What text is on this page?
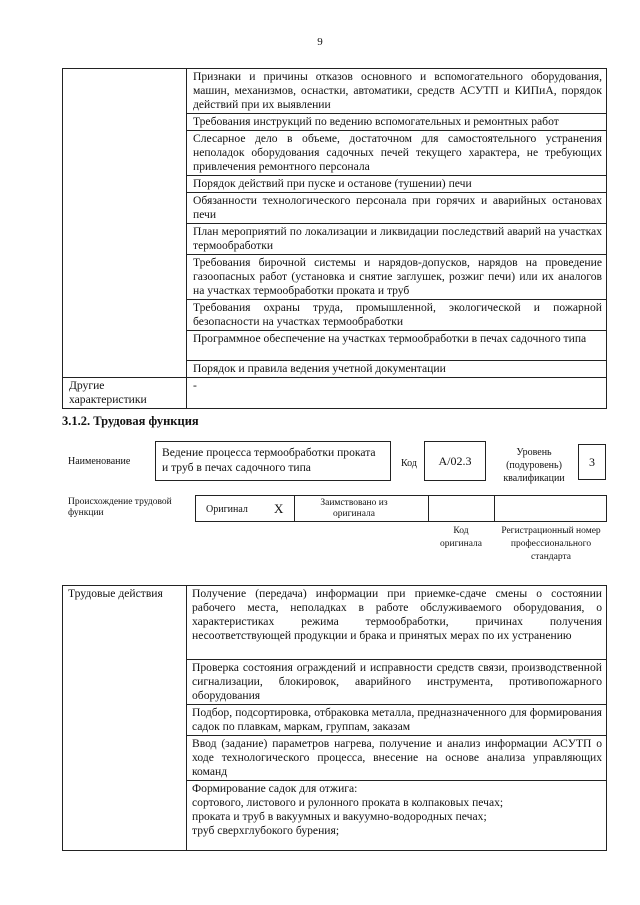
9
	Признаки и причины отказов основного и вспомогательного оборудования, машин, механизмов, оснастки, автоматики, средств АСУТП и КИПиА, порядок действий при их выявлении
	Требования инструкций по ведению вспомогательных и ремонтных работ
	Слесарное дело в объеме, достаточном для самостоятельного устранения неполадок оборудования садочных печей текущего характера, не требующих привлечения ремонтного персонала
	Порядок действий при пуске и останове (тушении) печи
	Обязанности технологического персонала при горячих и аварийных остановах печи
	План мероприятий по локализации и ликвидации последствий аварий на участках термообработки
	Требования бирочной системы и нарядов-допусков, нарядов на проведение газоопасных работ (установка и снятие заглушек, розжиг печи) или их аналогов на участках термообработки проката и труб
	Требования охраны труда, промышленной, экологической и пожарной безопасности на участках термообработки
	Программное обеспечение на участках термообработки в печах садочного типа
	Порядок и правила ведения учетной документации
Другие характеристики	-
3.1.2. Трудовая функция
Наименование
Ведение процесса термообработки проката и труб в печах садочного типа	Код A/02.3
Уровень (подуровень) квалификации
3
Происхождение трудовой функции	Оригинал X	Заимствовано из оригинала
Код оригинала
Регистрационный номер профессионального стандарта
Трудовые действия	Получение (передача) информации при приемке-сдаче смены о состоянии рабочего места, неполадках в работе обслуживаемого оборудования, о характеристиках режима термообработки, причинах получения несоответствующей продукции и брака и принятых мерах по их устранению
Проверка состояния ограждений и исправности средств связи, производственной сигнализации, блокировок, аварийного инструмента, противопожарного оборудования
Подбор, подсортировка, отбраковка металла, предназначенного для формирования садок по плавкам, маркам, группам, заказам
Ввод (задание) параметров нагрева, получение и анализ информации АСУТП о ходе технологического процесса, внесение на основе анализа управляющих команд

Формирование садок для отжига:
сортового, листового и рулонного проката в колпаковых печах;
проката и труб в вакуумных и вакуумно-водородных печах;
труб сверхглубокого бурения;
